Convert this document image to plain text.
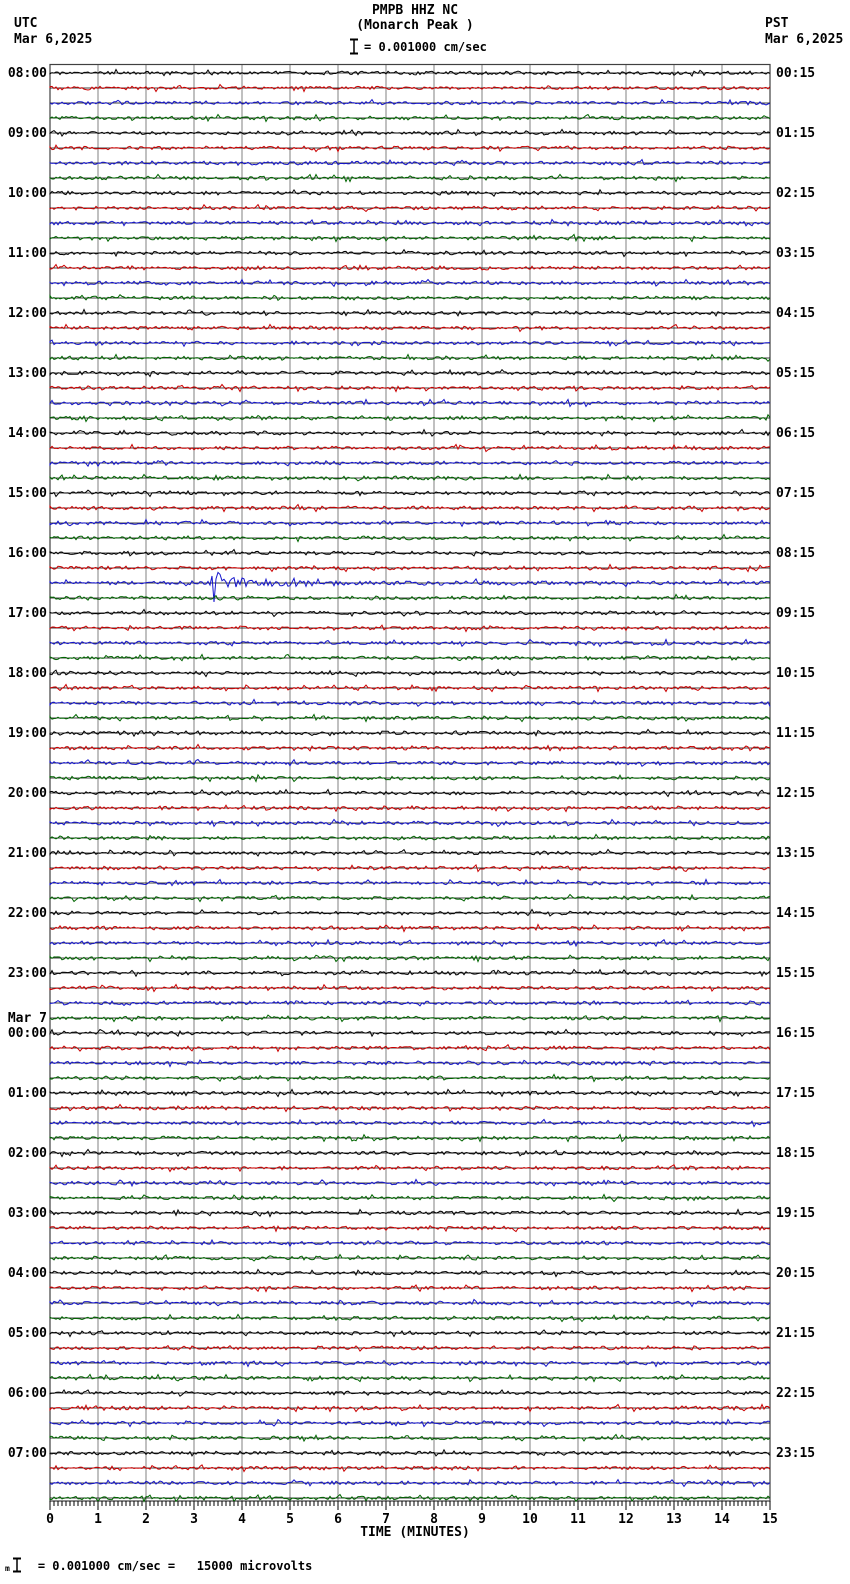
PMPB HHZ NC

(Monarch Peak )

UTC
Mar 6,2025
PST
Mar 6,2025
= 0.001000 cm/sec
0	1	2	3	4	5	6	7	8	9	10 11 12 13 14 15
08:00
09:00
10:00
11:00
12:00
13:00
14:00
15:00
16:00
17:00
18:00
19:00
20:00
21:00
22:00
23:00
Mar 7
00:00
01:00
02:00
03:00
04:00
05:00
06:00
07:00
00:15
01:15
02:15
03:15
04:15
05:15
06:15
07:15
08:15
09:15
10:15
11:15
12:15
13:15
14:15
15:15
16:15
17:15
18:15
19:15
20:15
21:15
22:15
23:15
TIME (MINUTES)
m = 0.001000 cm/sec =   15000 microvolts
